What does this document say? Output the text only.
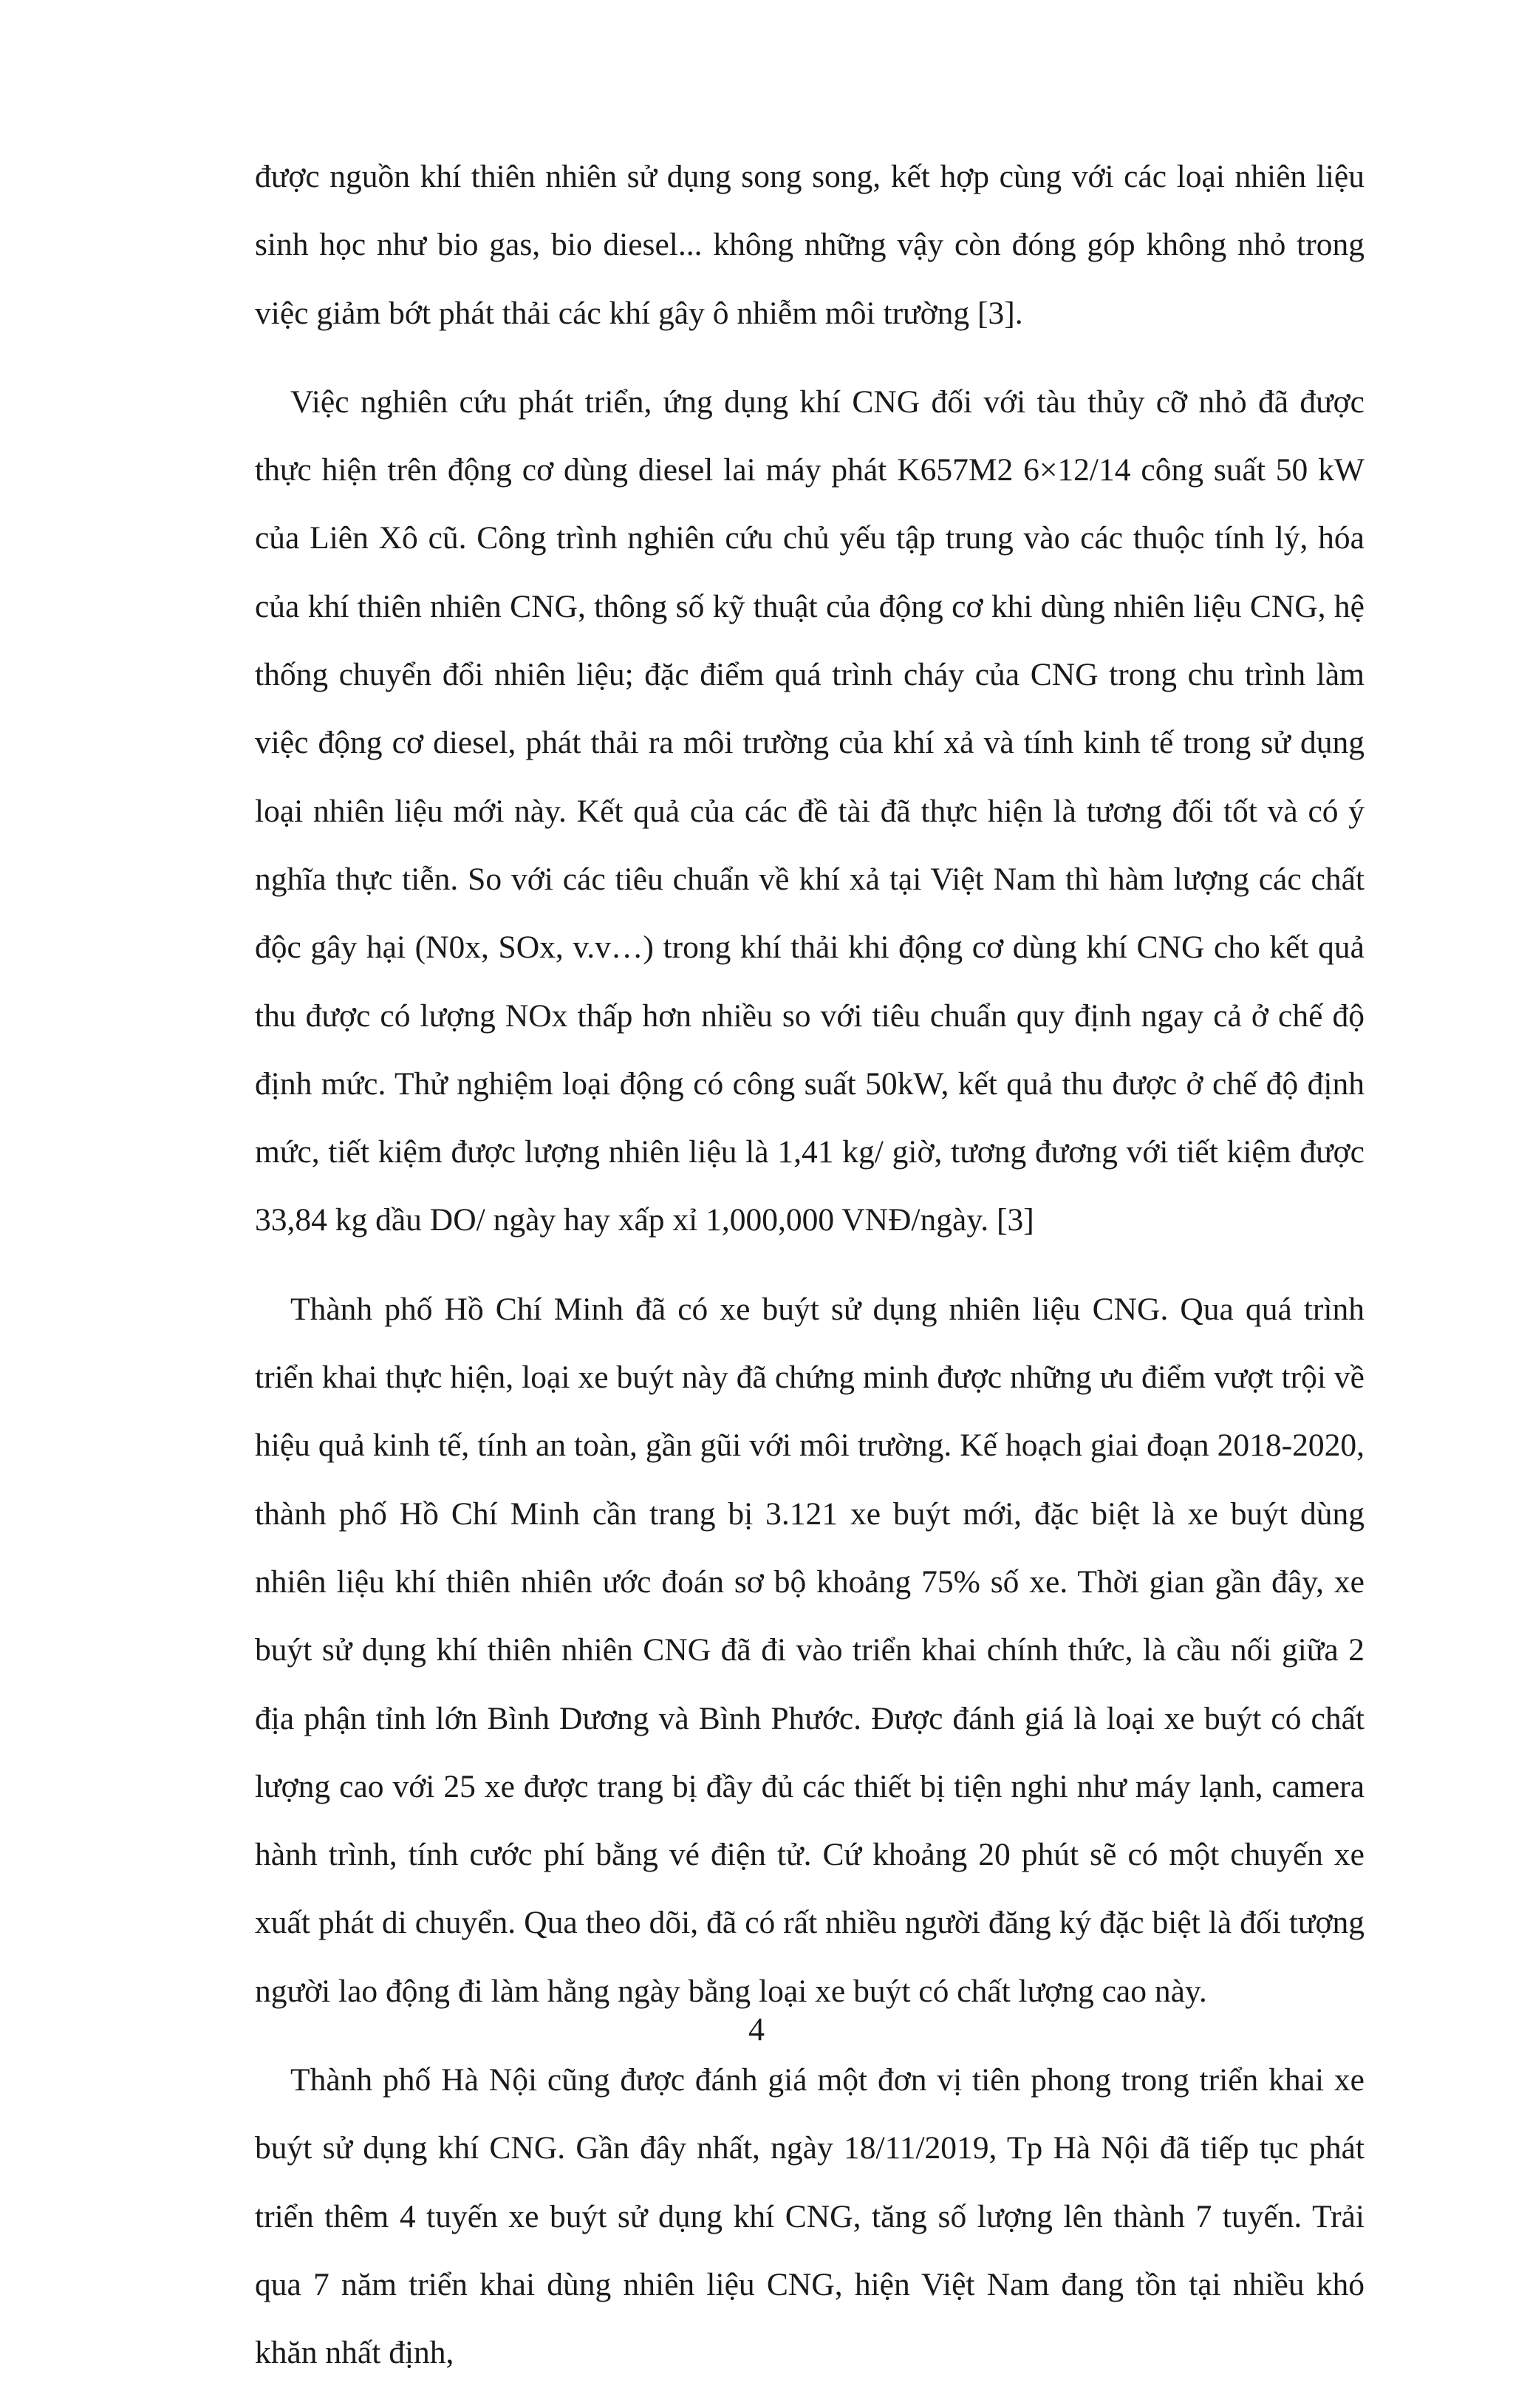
được nguồn khí thiên nhiên sử dụng song song, kết hợp cùng với các loại nhiên liệu sinh học như bio gas, bio diesel... không những vậy còn đóng góp không nhỏ trong việc giảm bớt phát thải các khí gây ô nhiễm môi trường [3].

Việc nghiên cứu phát triển, ứng dụng khí CNG đối với tàu thủy cỡ nhỏ đã được thực hiện trên động cơ dùng diesel lai máy phát K657M2 6×12/14 công suất 50 kW của Liên Xô cũ. Công trình nghiên cứu chủ yếu tập trung vào các thuộc tính lý, hóa của khí thiên nhiên CNG, thông số kỹ thuật của động cơ khi dùng nhiên liệu CNG, hệ thống chuyển đổi nhiên liệu; đặc điểm quá trình cháy của CNG trong chu trình làm việc động cơ diesel, phát thải ra môi trường của khí xả và tính kinh tế trong sử dụng loại nhiên liệu mới này. Kết quả của các đề tài đã thực hiện là tương đối tốt và có ý nghĩa thực tiễn. So với các tiêu chuẩn về khí xả tại Việt Nam thì hàm lượng các chất độc gây hại (N0x, SOx, v.v…) trong khí thải khi động cơ dùng khí CNG cho kết quả thu được có lượng NOx thấp hơn nhiều so với tiêu chuẩn quy định ngay cả ở chế độ định mức. Thử nghiệm loại động có công suất 50kW, kết quả thu được ở chế độ định mức, tiết kiệm được lượng nhiên liệu là 1,41 kg/ giờ, tương đương với tiết kiệm được 33,84 kg dầu DO/ ngày hay xấp xỉ 1,000,000 VNĐ/ngày. [3]

Thành phố Hồ Chí Minh đã có xe buýt sử dụng nhiên liệu CNG. Qua quá trình triển khai thực hiện, loại xe buýt này đã chứng minh được những ưu điểm vượt trội về hiệu quả kinh tế, tính an toàn, gần gũi với môi trường. Kế hoạch giai đoạn 2018-2020, thành phố Hồ Chí Minh cần trang bị 3.121 xe buýt mới, đặc biệt là xe buýt dùng nhiên liệu khí thiên nhiên ước đoán sơ bộ khoảng 75% số xe. Thời gian gần đây, xe buýt sử dụng khí thiên nhiên CNG đã đi vào triển khai chính thức, là cầu nối giữa 2 địa phận tỉnh lớn Bình Dương và Bình Phước. Được đánh giá là loại xe buýt có chất lượng cao với 25 xe được trang bị đầy đủ các thiết bị tiện nghi như máy lạnh, camera hành trình, tính cước phí bằng vé điện tử. Cứ khoảng 20 phút sẽ có một chuyến xe xuất phát di chuyển. Qua theo dõi, đã có rất nhiều người đăng ký đặc biệt là đối tượng người lao động đi làm hằng ngày bằng loại xe buýt có chất lượng cao này.

Thành phố Hà Nội cũng được đánh giá một đơn vị tiên phong trong triển khai xe buýt sử dụng khí CNG. Gần đây nhất, ngày 18/11/2019, Tp Hà Nội đã tiếp tục phát triển thêm 4 tuyến xe buýt sử dụng khí CNG, tăng số lượng lên thành 7 tuyến. Trải qua 7 năm triển khai dùng nhiên liệu CNG, hiện Việt Nam đang tồn tại nhiều khó khăn nhất định,

4
